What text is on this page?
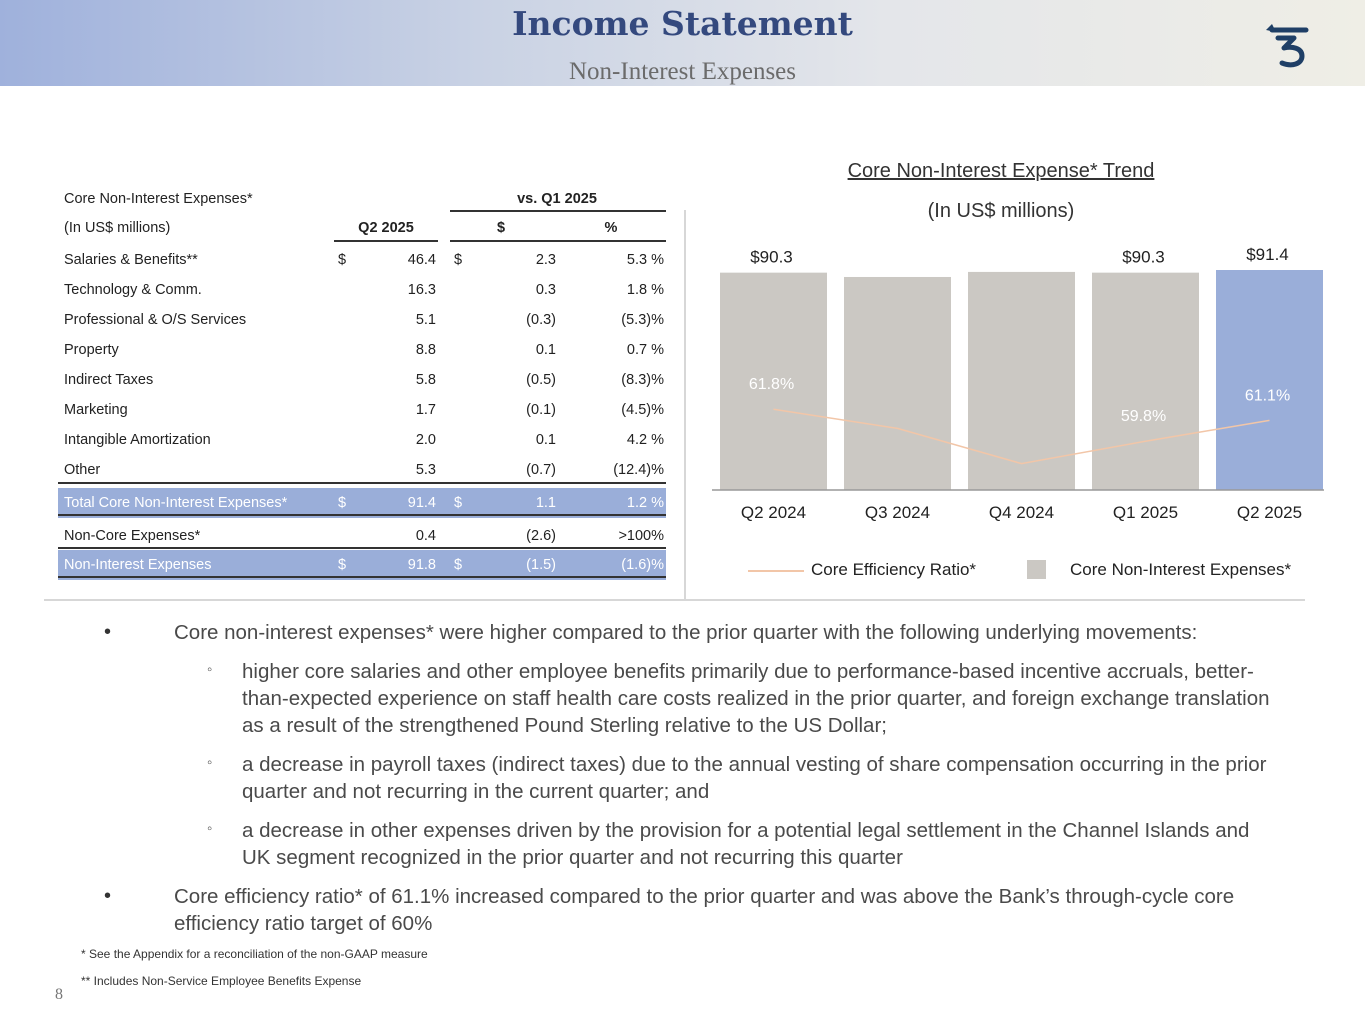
Income Statement
Non-Interest Expenses
Core Non-Interest Expenses*	vs. Q1 2025
(In US$ millions)	Q2 2025	$	%
Salaries & Benefits**	$	46.4 $	2.3	5.3 %
Technology & Comm.	16.3	0.3	1.8 %
Professional & O/S Services	5.1	(0.3)	(5.3)%
Property	8.8	0.1	0.7 %
Indirect Taxes	5.8	(0.5)	(8.3)%
Marketing	1.7	(0.1)	(4.5)%
Intangible Amortization	2.0	0.1	4.2 %
Other	5.3	(0.7)	(12.4)%
Total Core Non-Interest Expenses*	$	91.4 $	1.1	1.2 %
Non-Core Expenses*	0.4	(2.6)	>100%
Non-Interest Expenses	$	91.8 $	(1.5)	(1.6)%
Core Non-Interest Expense* Trend
(In US$ millions)
Q2 2024
$90.3
Q3 2024	Q4 2024	Q1 2025
$90.3
Q2 2025
$91.4
61.8%
59.8%
61.1%
Core Efficiency Ratio*	Core Non-Interest Expenses*
•	Core non-interest expenses* were higher compared to the prior quarter with the following underlying movements:
◦ higher core salaries and other employee benefits primarily due to performance-based incentive accruals, better-than-expected experience on staff health care costs realized in the prior quarter, and foreign exchange translation as a result of the strengthened Pound Sterling relative to the US Dollar;
◦ a decrease in payroll taxes (indirect taxes) due to the annual vesting of share compensation occurring in the prior quarter and not recurring in the current quarter; and
◦ a decrease in other expenses driven by the provision for a potential legal settlement in the Channel Islands and UK segment recognized in the prior quarter and not recurring this quarter
•	Core efficiency ratio* of 61.1% increased compared to the prior quarter and was above the Bank’s through-cycle core efficiency ratio target of 60%
* See the Appendix for a reconciliation of the non-GAAP measure
** Includes Non-Service Employee Benefits Expense
8
